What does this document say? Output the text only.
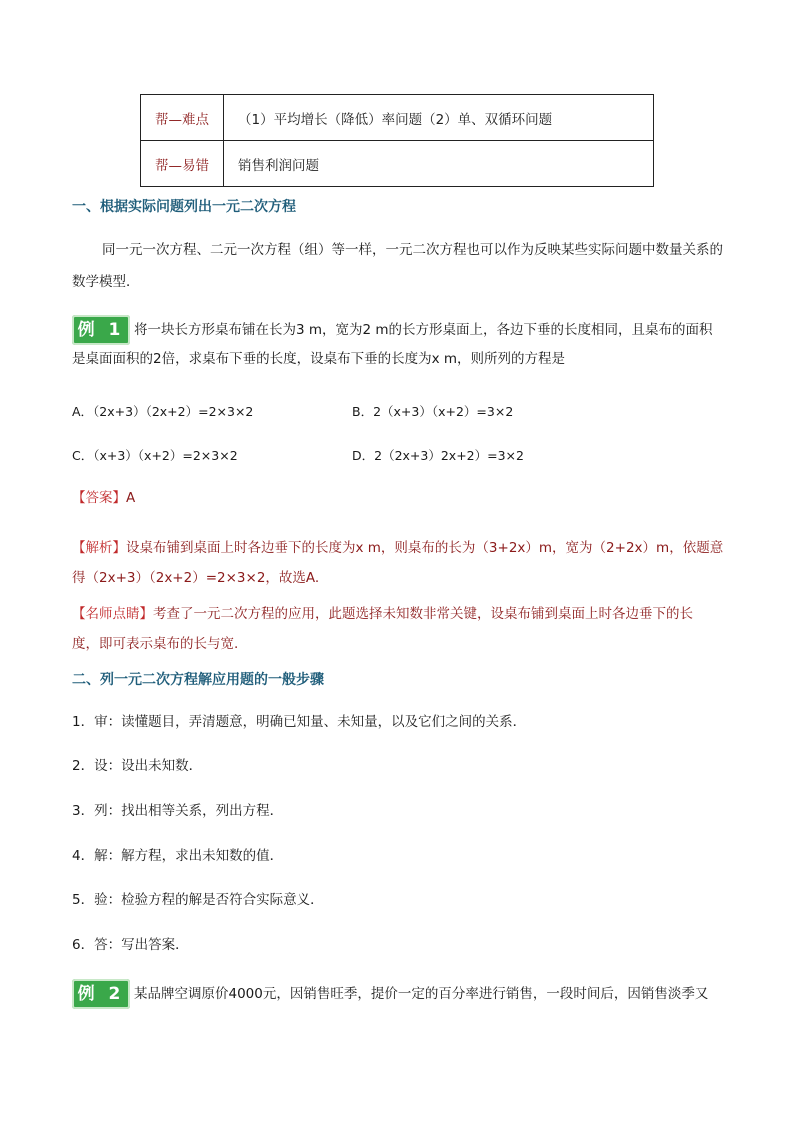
帮—难点	（1）平均增长（降低）率问题（2）单、双循环问题
帮—易错	销售利润问题
一、根据实际问题列出一元二次方程
同一元一次方程、二元一次方程（组）等一样，一元二次方程也可以作为反映某些实际问题中数量关系的数学模型．
例 1 将一块长方形桌布铺在长为3 m，宽为2 m的长方形桌面上，各边下垂的长度相同，且桌布的面积
是桌面面积的2倍，求桌布下垂的长度，设桌布下垂的长度为x m，则所列的方程是
A．（2x+3）（2x+2）=2×3×2	B．2（x+3）（x+2）=3×2
C．（x+3）（x+2）=2×3×2	D．2（2x+3）2x+2）=3×2
【答案】A
【解析】设桌布铺到桌面上时各边垂下的长度为x m，则桌布的长为（3+2x）m，宽为（2+2x）m，依题意
得（2x+3）（2x+2）=2×3×2，故选A.
【名师点睛】考查了一元二次方程的应用，此题选择未知数非常关键，设桌布铺到桌面上时各边垂下的长
度，即可表示桌布的长与宽.
二、列一元二次方程解应用题的一般步骤
1．审：读懂题目，弄清题意，明确已知量、未知量，以及它们之间的关系．
2．设：设出未知数．
3．列：找出相等关系，列出方程．
4．解：解方程，求出未知数的值．
5．验：检验方程的解是否符合实际意义．
6．答：写出答案．
例 2 某品牌空调原价4000元，因销售旺季，提价一定的百分率进行销售，一段时间后，因销售淡季又
